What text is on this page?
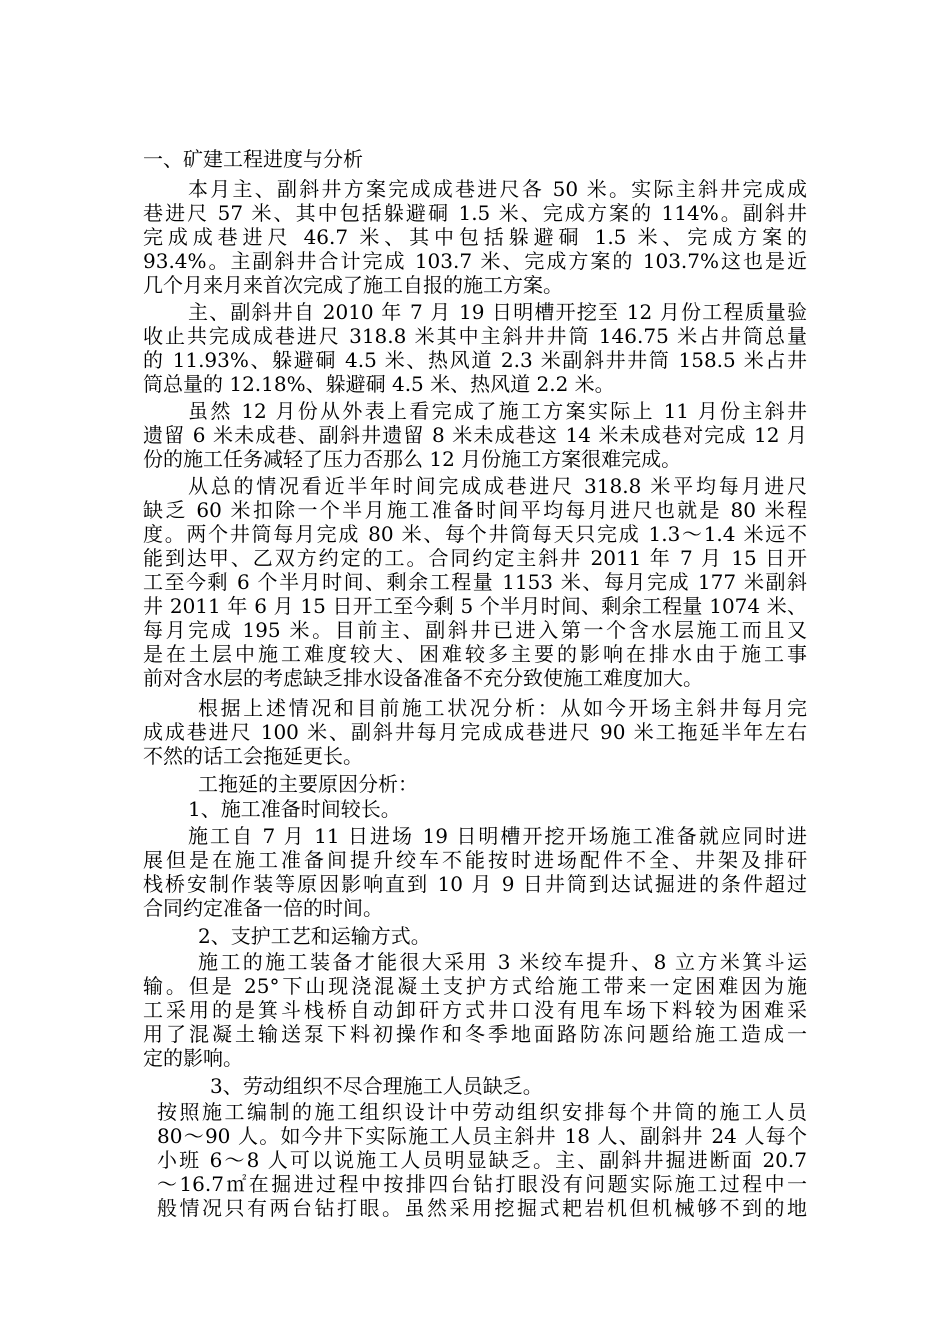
一、矿建工程进度与分析
本月主、副斜井方案完成成巷进尺各 50 米。实际主斜井完成成
巷进尺 57 米、其中包括躲避硐 1.5 米、完成方案的 114%。副斜井
完成成巷进尺 46.7 米、其中包括躲避硐 1.5 米、完成方案的
93.4%。主副斜井合计完成 103.7 米、完成方案的 103.7%这也是近
几个月来月来首次完成了施工自报的施工方案。
主、副斜井自 2010 年 7 月 19 日明槽开挖至 12 月份工程质量验
收止共完成成巷进尺 318.8 米其中主斜井井筒 146.75 米占井筒总量
的 11.93%、躲避硐 4.5 米、热风道 2.3 米副斜井井筒 158.5 米占井
筒总量的 12.18%、躲避硐 4.5 米、热风道 2.2 米。
虽然 12 月份从外表上看完成了施工方案实际上 11 月份主斜井
遗留 6 米未成巷、副斜井遗留 8 米未成巷这 14 米未成巷对完成 12 月
份的施工任务减轻了压力否那么 12 月份施工方案很难完成。
从总的情况看近半年时间完成成巷进尺 318.8 米平均每月进尺
缺乏 60 米扣除一个半月施工准备时间平均每月进尺也就是 80 米程
度。两个井筒每月完成 80 米、每个井筒每天只完成 1.3～1.4 米远不
能到达甲、乙双方约定的工。合同约定主斜井 2011 年 7 月 15 日开
工至今剩 6 个半月时间、剩余工程量 1153 米、每月完成 177 米副斜
井 2011 年 6 月 15 日开工至今剩 5 个半月时间、剩余工程量 1074 米、
每月完成 195 米。目前主、副斜井已进入第一个含水层施工而且又
是在土层中施工难度较大、困难较多主要的影响在排水由于施工事
前对含水层的考虑缺乏排水设备准备不充分致使施工难度加大。
根据上述情况和目前施工状况分析：从如今开场主斜井每月完
成成巷进尺 100 米、副斜井每月完成成巷进尺 90 米工拖延半年左右
不然的话工会拖延更长。
工拖延的主要原因分析：
1、施工准备时间较长。
施工自 7 月 11 日进场 19 日明槽开挖开场施工准备就应同时进
展但是在施工准备间提升绞车不能按时进场配件不全、井架及排矸
栈桥安制作装等原因影响直到 10 月 9 日井筒到达试掘进的条件超过
合同约定准备一倍的时间。
2、支护工艺和运输方式。
施工的施工装备才能很大采用 3 米绞车提升、8 立方米箕斗运
输。但是 25°下山现浇混凝土支护方式给施工带来一定困难因为施
工采用的是箕斗栈桥自动卸矸方式井口没有甩车场下料较为困难采
用了混凝土输送泵下料初操作和冬季地面路防冻问题给施工造成一
定的影响。
3、劳动组织不尽合理施工人员缺乏。
按照施工编制的施工组织设计中劳动组织安排每个井筒的施工人员
80～90 人。如今井下实际施工人员主斜井 18 人、副斜井 24 人每个
小班 6～8 人可以说施工人员明显缺乏。主、副斜井掘进断面 20.7
～16.7㎡在掘进过程中按排四台钻打眼没有问题实际施工过程中一
般情况只有两台钻打眼。虽然采用挖掘式耙岩机但机械够不到的地
